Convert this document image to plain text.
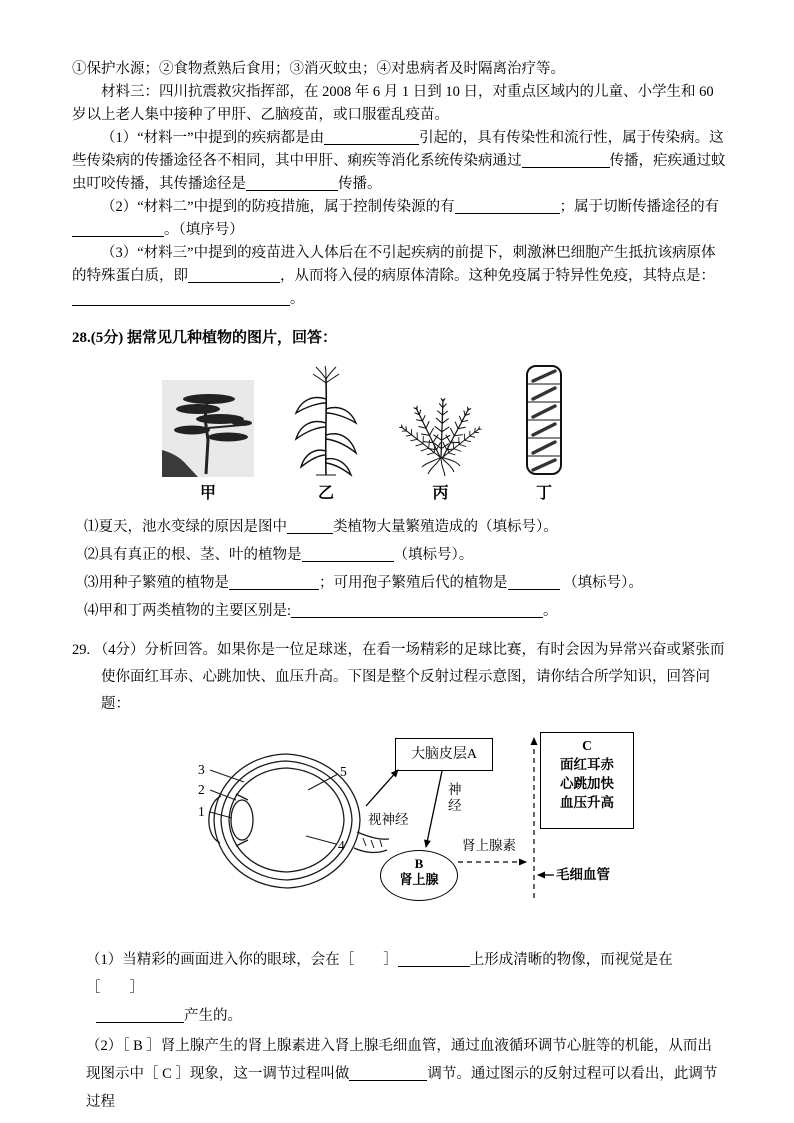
①保护水源；②食物煮熟后食用；③消灭蚊虫；④对患病者及时隔离治疗等。

材料三：四川抗震救灾指挥部，在 2008 年 6 月 1 日到 10 日，对重点区域内的儿童、小学生和 60 岁以上老人集中接种了甲肝、乙脑疫苗，或口服霍乱疫苗。

（1）“材料一”中提到的疾病都是由	引起的，具有传染性和流行性，属于传染病。这些传染病的传播途径各不相同，其中甲肝、痢疾等消化系统传染病通过	传播，疟疾通过蚊虫叮咬传播，其传播途径是	传播。

（2）“材料二”中提到的防疫措施，属于控制传染源的有	；属于切断传播途径的有。（填序号）

（3）“材料三”中提到的疫苗进入人体后在不引起疾病的前提下，刺激淋巴细胞产生抵抗该病原体的特殊蛋白质，即	，从而将入侵的病原体清除。这种免疫属于特异性免疫，其特点是：
。

28.(5分) 据常见几种植物的图片，回答：

甲	乙	丙	丁

⑴夏天，池水变绿的原因是图中	类植物大量繁殖造成的（填标号）。

⑵具有真正的根、茎、叶的植物是	（填标号）。

⑶用种子繁殖的植物是	；可用孢子繁殖后代的植物是	（填标号）。

⑷甲和丁两类植物的主要区别是:	。

29. （4分）分析回答。如果你是一位足球迷，在看一场精彩的足球比赛，有时会因为异常兴奋或紧张而使你面红耳赤、心跳加快、血压升高。下图是整个反射过程示意图，请你结合所学知识，回答问题：

3
2
1
5
4
视神经
大脑皮层A
神经
B
肾上腺
肾上腺素
C
面红耳赤
心跳加快
血压升高
毛细血管

（1）当精彩的画面进入你的眼球，会在［　　］	上形成清晰的物像，而视觉是在［　　］
产生的。

（2）［ B ］肾上腺产生的肾上腺素进入肾上腺毛细血管，通过血液循环调节心脏等的机能，从而出现图示中［ C ］现象，这一调节过程叫做	调节。通过图示的反射过程可以看出，此调节过程
